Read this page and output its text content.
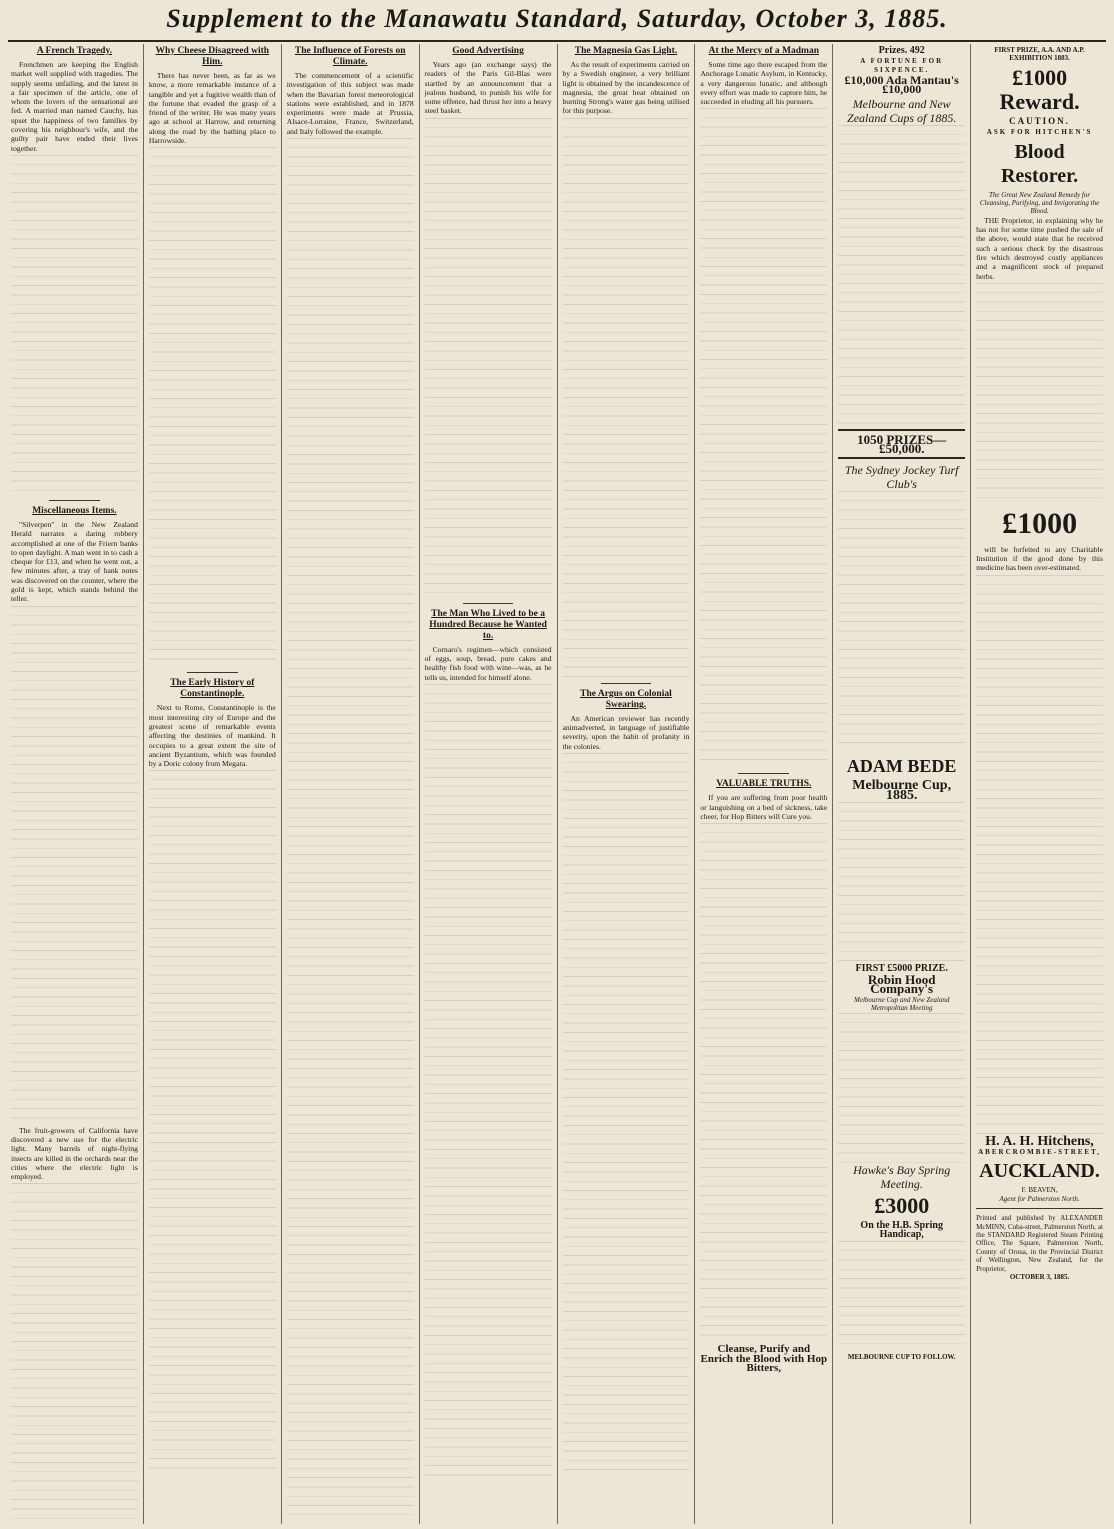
Supplement to the Manawatu Standard, Saturday, October 3, 1885.
A French Tragedy.

Frenchmen are keeping the English market well supplied with tragedies. The supply seems unfailing, and the latest in a fair specimen of the article, one of whom the lovers of the sensational are fed. A married man named Cauchy, has upset the happiness of two families by covering his neighbour's wife, and the guilty pair have ended their lives together.

Miscellaneous Items.

"Silverpen" in the New Zealand Herald narrates a daring robbery accomplished at one of the Friern banks to open daylight. A man went in to cash a cheque for £13, and when he went out, a few minutes after, a tray of bank notes was discovered on the counter, where the gold is kept, which stands behind the teller.

The fruit-growers of California have discovered a new use for the electric light. Many barrels of night-flying insects are killed in the orchards near the cities where the electric light is employed.

Why Cheese Disagreed with Him.

There has never been, as far as we know, a more remarkable instance of a tangible and yet a fugitive wealth than of the fortune that evaded the grasp of a friend of the writer. He was many years ago at school at Harrow, and returning along the road by the bathing place to Harrowside.

The Early History of Constantinople.

Next to Rome, Constantinople is the most interesting city of Europe and the greatest scene of remarkable events affecting the destinies of mankind. It occupies to a great extent the site of ancient Byzantium, which was founded by a Doric colony from Megara.

The Influence of Forests on Climate.

The commencement of a scientific investigation of this subject was made when the Bavarian forest meteorological stations were established, and in 1878 experiments were made at Prussia, Alsace-Lorraine, France, Switzerland, and Italy followed the example.

Good Advertising

Years ago (an exchange says) the readers of the Paris Gil-Blas were startled by an announcement that a jealous husband, to punish his wife for some offence, had thrust her into a heavy steel basket.

The Man Who Lived to be a Hundred Because he Wanted to.

Cornaro's regimen—which consisted of eggs, soup, bread, pure cakes and healthy fish food with wine—was, as he tells us, intended for himself alone.

The Magnesia Gas Light.

As the result of experiments carried on by a Swedish engineer, a very brilliant light is obtained by the incandescence of magnesia, the great heat obtained on burning Strong's water gas being utilised for this purpose.

The Argus on Colonial Swearing.

An American reviewer has recently animadverted, in language of justifiable severity, upon the habit of profanity in the colonies.

At the Mercy of a Madman

Some time ago there escaped from the Anchorage Lunatic Asylum, in Kentucky, a very dangerous lunatic, and although every effort was made to capture him, he succeeded in eluding all his pursuers.

VALUABLE TRUTHS.

If you are suffering from poor health or languishing on a bed of sickness, take cheer, for Hop Bitters will Cure you.

Cleanse, Purify and Enrich the Blood with Hop Bitters,
Prizes. 492
A FORTUNE FOR SIXPENCE.
£10,000 Ada Mantau's £10,000
Melbourne and New Zealand Cups of 1885.
1050 PRIZES—£50,000.
The Sydney Jockey Turf Club's
ADAM BEDE
Melbourne Cup, 1885.
FIRST £5000 PRIZE.
Robin Hood Company's
Melbourne Cup and New Zealand Metropolitan Meeting
Hawke's Bay Spring Meeting.
£3000
On the H.B. Spring Handicap,
MELBOURNE CUP TO FOLLOW.
FIRST PRIZE, A.A. AND A.P. EXHIBITION 1883.
£1000 Reward.
CAUTION.
ASK FOR HITCHEN'S
Blood Restorer.
The Great New Zealand Remedy for Cleansing, Purifying, and Invigorating the Blood.

THE Proprietor, in explaining why he has not for some time pushed the sale of the above, would state that he received such a serious check by the disastrous fire which destroyed costly appliances and a magnificent stock of prepared herbs.

£1000

will be forfeited to any Charitable Institution if the good done by this medicine has been over-estimated.

H. A. H. Hitchens,
ABERCROMBIE-STREET,
AUCKLAND.
F. BEAVEN,
Agent for Palmerston North.
Printed and published by ALEXANDER McMINN, Cuba-street, Palmerston North, at the STANDARD Registered Steam Printing Office, The Square, Palmerston North, County of Oroua, in the Provincial District of Wellington, New Zealand, for the Proprietor,
OCTOBER 3, 1885.
